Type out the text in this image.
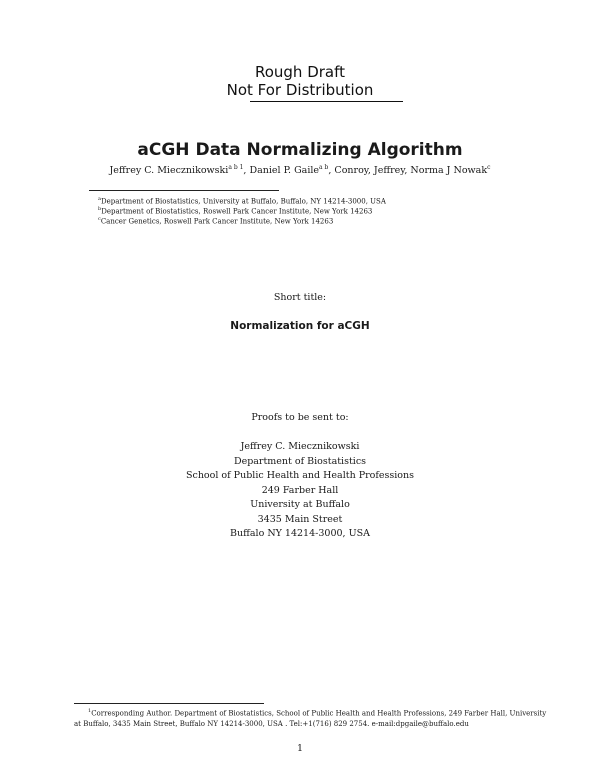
Rough Draft
Not For Distribution
aCGH Data Normalizing Algorithm
Jeffrey C. Miecznikowski$^{a b 1}$, Daniel P. Gaile$^{a b}$, Conroy, Jeffrey, Norma J Nowak$^c$
$^a$Department of Biostatistics, University at Buffalo, Buffalo, NY 14214-3000, USA
$^b$Department of Biostatistics, Roswell Park Cancer Institute, New York 14263
$^c$Cancer Genetics, Roswell Park Cancer Institute, New York 14263
Short title:
Normalization for aCGH
Proofs to be sent to:
Jeffrey C. Miecznikowski
Department of Biostatistics
School of Public Health and Health Professions
249 Farber Hall
University at Buffalo
3435 Main Street
Buffalo NY 14214-3000, USA
$^1$Corresponding Author. Department of Biostatistics, School of Public Health and Health Professions, 249 Farber Hall, University
at Buffalo, 3435 Main Street, Buffalo NY 14214-3000, USA . Tel:+1(716) 829 2754. e-mail:dpgaile@buffalo.edu
1
